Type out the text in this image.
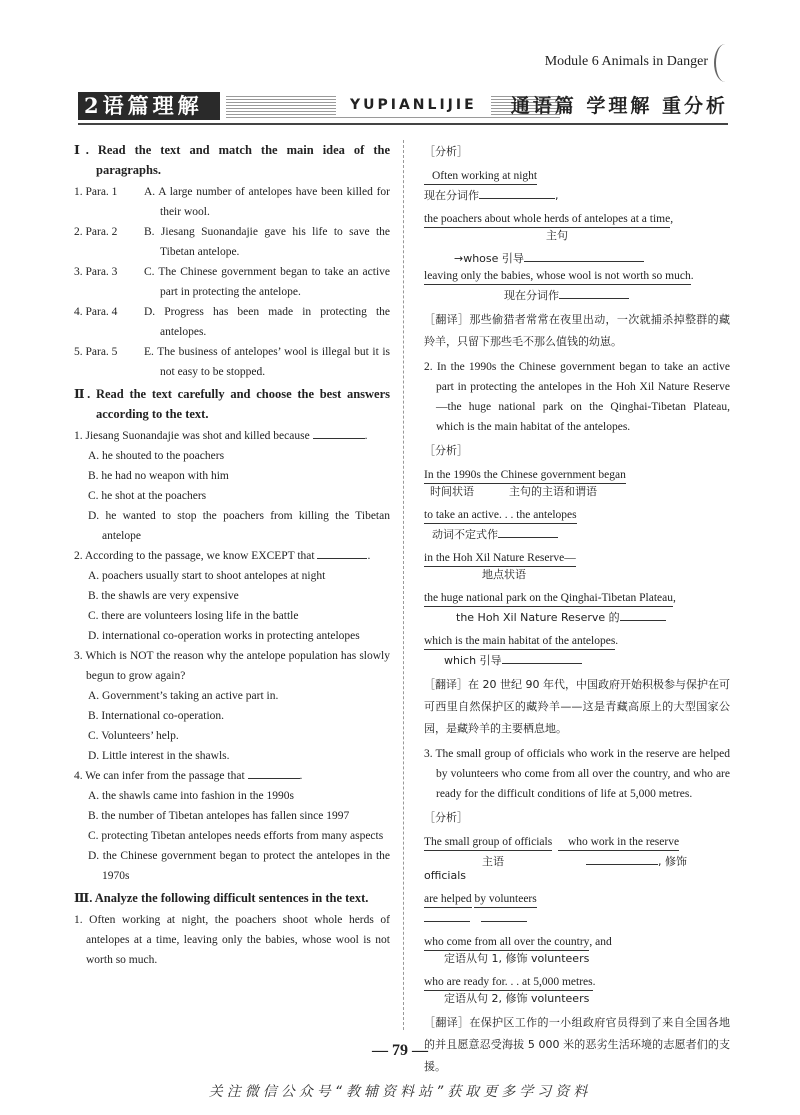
Module 6 Animals in Danger
2语篇理解	YUPIANLIJIE	通语篇 学理解 重分析
Ⅰ. Read the text and match the main idea of the paragraphs.
1. Para. 1	A. A large number of antelopes have been killed for their wool.
2. Para. 2	B. Jiesang Suonandajie gave his life to save the Tibetan antelope.
3. Para. 3	C. The Chinese government began to take an active part in protecting the antelope.
4. Para. 4	D. Progress has been made in protecting the antelopes.
5. Para. 5	E. The business of antelopes’ wool is illegal but it is not easy to be stopped.
Ⅱ. Read the text carefully and choose the best answers according to the text.
1. Jiesang Suonandajie was shot and killed because	.
A. he shouted to the poachers
B. he had no weapon with him
C. he shot at the poachers
D. he wanted to stop the poachers from killing the Tibetan antelope
2. According to the passage, we know EXCEPT that	.
A. poachers usually start to shoot antelopes at night
B. the shawls are very expensive
C. there are volunteers losing life in the battle
D. international co-operation works in protecting antelopes
3. Which is NOT the reason why the antelope population has slowly begun to grow again?
A. Government’s taking an active part in.
B. International co-operation.
C. Volunteers’ help.
D. Little interest in the shawls.
4. We can infer from the passage that	.
A. the shawls came into fashion in the 1990s
B. the number of Tibetan antelopes has fallen since 1997
C. protecting Tibetan antelopes needs efforts from many aspects
D. the Chinese government began to protect the antelopes in the 1970s
Ⅲ. Analyze the following difficult sentences in the text.
1. Often working at night, the poachers shoot whole herds of antelopes at a time, leaving only the babies, whose wool is not worth so much.
［分析］
Often working at night
现在分词作	,
the poachers about whole herds of antelopes at a time,
主句
→whose 引导
leaving only the babies, whose wool is not worth so much.
现在分词作
［翻译］那些偷猎者常常在夜里出动，一次就捕杀掉整群的藏羚羊，只留下那些毛不那么值钱的幼崽。
2. In the 1990s the Chinese government began to take an active part in protecting the antelopes in the Hoh Xil Nature Reserve—the huge national park on the Qinghai-Tibetan Plateau, which is the main habitat of the antelopes.
［分析］
In the 1990s the Chinese government began
时间状语          主句的主语和谓语
to take an active. . . the antelopes
动词不定式作
in the Hoh Xil Nature Reserve—
地点状语
the huge national park on the Qinghai-Tibetan Plateau,
the Hoh Xil Nature Reserve 的
which is the main habitat of the antelopes.
which 引导
［翻译］在 20 世纪 90 年代，中国政府开始积极参与保护在可可西里自然保护区的藏羚羊——这是青藏高原上的大型国家公园，是藏羚羊的主要栖息地。
3. The small group of officials who work in the reserve are helped by volunteers who come from all over the country, and who are ready for the difficult conditions of life at 5,000 metres.
［分析］
The small group of officials who work in the reserve
主语	, 修饰 officials
are helped by volunteers

who come from all over the country, and
定语从句 1, 修饰 volunteers
who are ready for. . . at 5,000 metres.
定语从句 2, 修饰 volunteers
［翻译］在保护区工作的一小组政府官员得到了来自全国各地的并且愿意忍受海拔 5 000 米的恶劣生活环境的志愿者们的支援。
— 79 —
关注微信公众号“教辅资料站”获取更多学习资料
